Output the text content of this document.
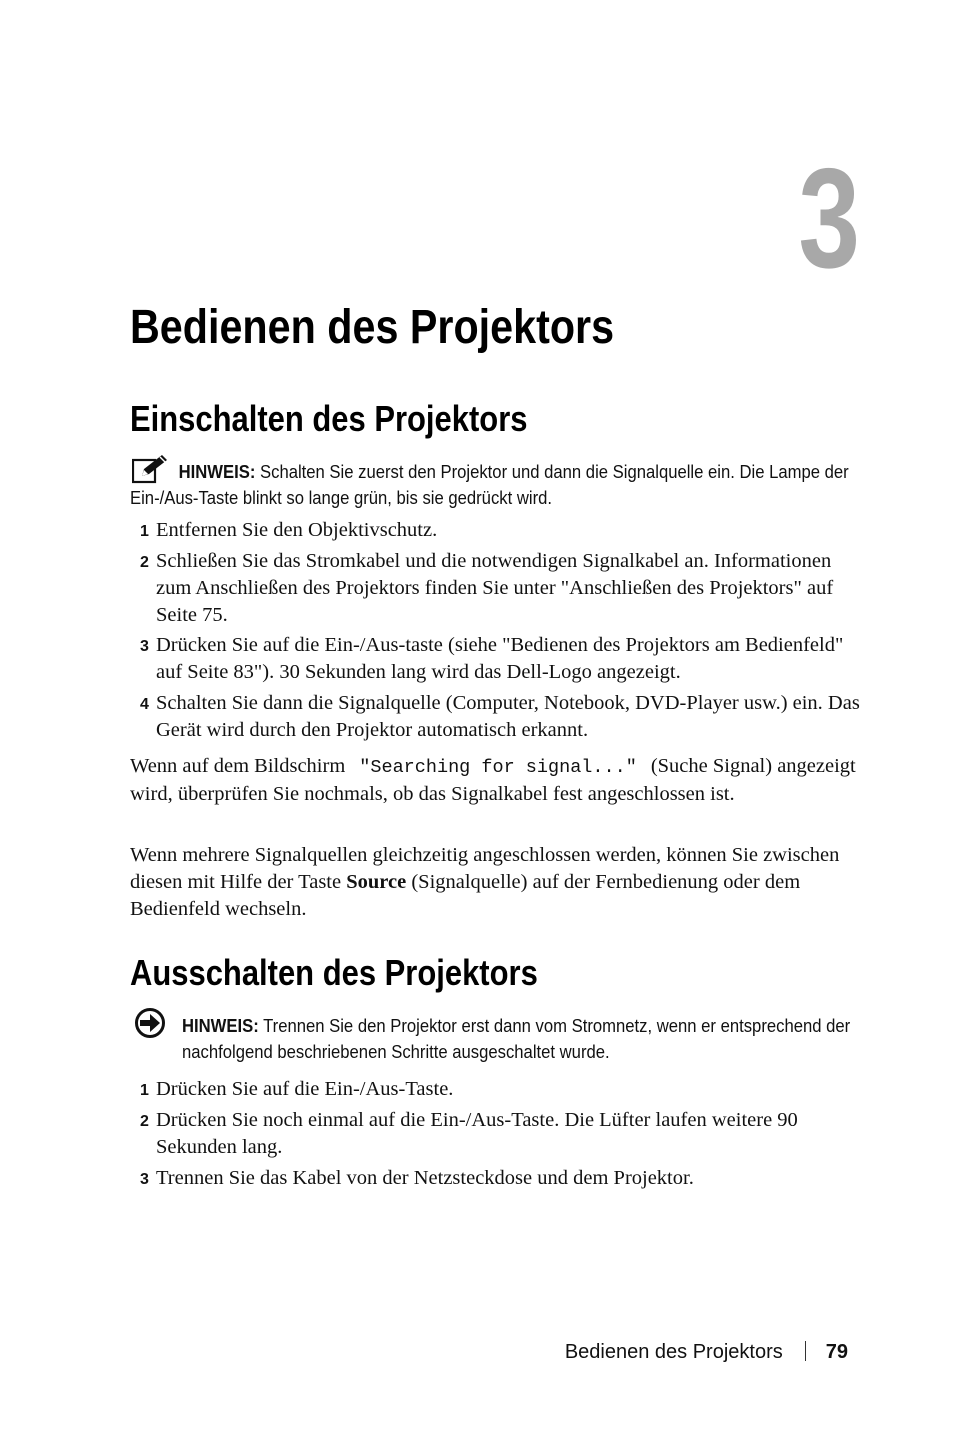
3
Bedienen des Projektors
Einschalten des Projektors
HINWEIS: Schalten Sie zuerst den Projektor und dann die Signalquelle ein. Die Lampe der Ein-/Aus-Taste blinkt so lange grün, bis sie gedrückt wird.
1 Entfernen Sie den Objektivschutz.
2 Schließen Sie das Stromkabel und die notwendigen Signalkabel an. Informationen zum Anschließen des Projektors finden Sie unter "Anschließen des Projektors" auf Seite 75.
3 Drücken Sie auf die Ein-/Aus-taste (siehe "Bedienen des Projektors am Bedienfeld" auf Seite 83"). 30 Sekunden lang wird das Dell-Logo angezeigt.
4 Schalten Sie dann die Signalquelle (Computer, Notebook, DVD-Player usw.) ein. Das Gerät wird durch den Projektor automatisch erkannt.

Wenn auf dem Bildschirm "Searching for signal..." (Suche Signal) angezeigt wird, überprüfen Sie nochmals, ob das Signalkabel fest angeschlossen ist.

Wenn mehrere Signalquellen gleichzeitig angeschlossen werden, können Sie zwischen diesen mit Hilfe der Taste Source (Signalquelle) auf der Fernbedienung oder dem Bedienfeld wechseln.

Ausschalten des Projektors
HINWEIS: Trennen Sie den Projektor erst dann vom Stromnetz, wenn er entsprechend der nachfolgend beschriebenen Schritte ausgeschaltet wurde.
1 Drücken Sie auf die Ein-/Aus-Taste.
2 Drücken Sie noch einmal auf die Ein-/Aus-Taste. Die Lüfter laufen weitere 90 Sekunden lang.
3 Trennen Sie das Kabel von der Netzsteckdose und dem Projektor.
Bedienen des Projektors 79
